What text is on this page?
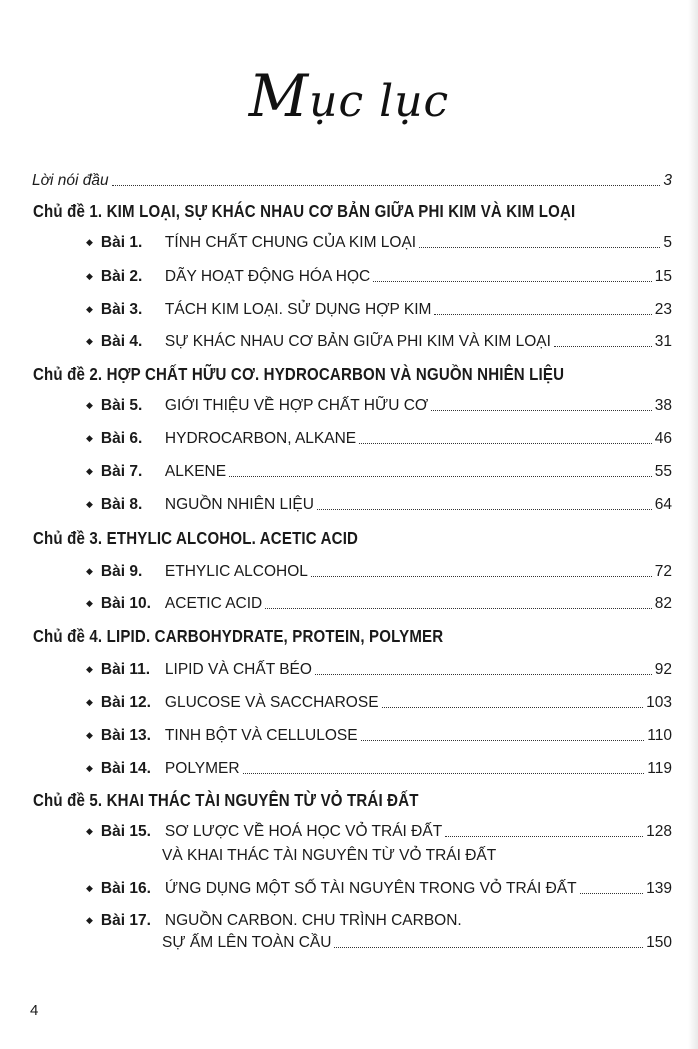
Mục lục
Lời nói đầu	3
Chủ đề 1. KIM LOẠI, SỰ KHÁC NHAU CƠ BẢN GIỮA PHI KIM VÀ KIM LOẠI
◆ Bài 1. TÍNH CHẤT CHUNG CỦA KIM LOẠI	5
◆ Bài 2. DÃY HOẠT ĐỘNG HÓA HỌC	15
◆ Bài 3. TÁCH KIM LOẠI. SỬ DỤNG HỢP KIM	23
◆ Bài 4. SỰ KHÁC NHAU CƠ BẢN GIỮA PHI KIM VÀ KIM LOẠI	31
Chủ đề 2. HỢP CHẤT HỮU CƠ. HYDROCARBON VÀ NGUỒN NHIÊN LIỆU
◆ Bài 5. GIỚI THIỆU VỀ HỢP CHẤT HỮU CƠ	38
◆ Bài 6. HYDROCARBON, ALKANE	46
◆ Bài 7. ALKENE	55
◆ Bài 8. NGUỒN NHIÊN LIỆU	64
Chủ đề 3. ETHYLIC ALCOHOL. ACETIC ACID
◆ Bài 9. ETHYLIC ALCOHOL	72
◆ Bài 10. ACETIC ACID	82
Chủ đề 4. LIPID. CARBOHYDRATE, PROTEIN, POLYMER
◆ Bài 11. LIPID VÀ CHẤT BÉO	92
◆ Bài 12. GLUCOSE VÀ SACCHAROSE	103
◆ Bài 13. TINH BỘT VÀ CELLULOSE	110
◆ Bài 14. POLYMER	119
Chủ đề 5. KHAI THÁC TÀI NGUYÊN TỪ VỎ TRÁI ĐẤT
◆ Bài 15. SƠ LƯỢC VỀ HOÁ HỌC VỎ TRÁI ĐẤT	128
VÀ KHAI THÁC TÀI NGUYÊN TỪ VỎ TRÁI ĐẤT
◆ Bài 16. ỨNG DỤNG MỘT SỐ TÀI NGUYÊN TRONG VỎ TRÁI ĐẤT	139
◆ Bài 17. NGUỒN CARBON. CHU TRÌNH CARBON.
SỰ ẤM LÊN TOÀN CẦU	150
4
